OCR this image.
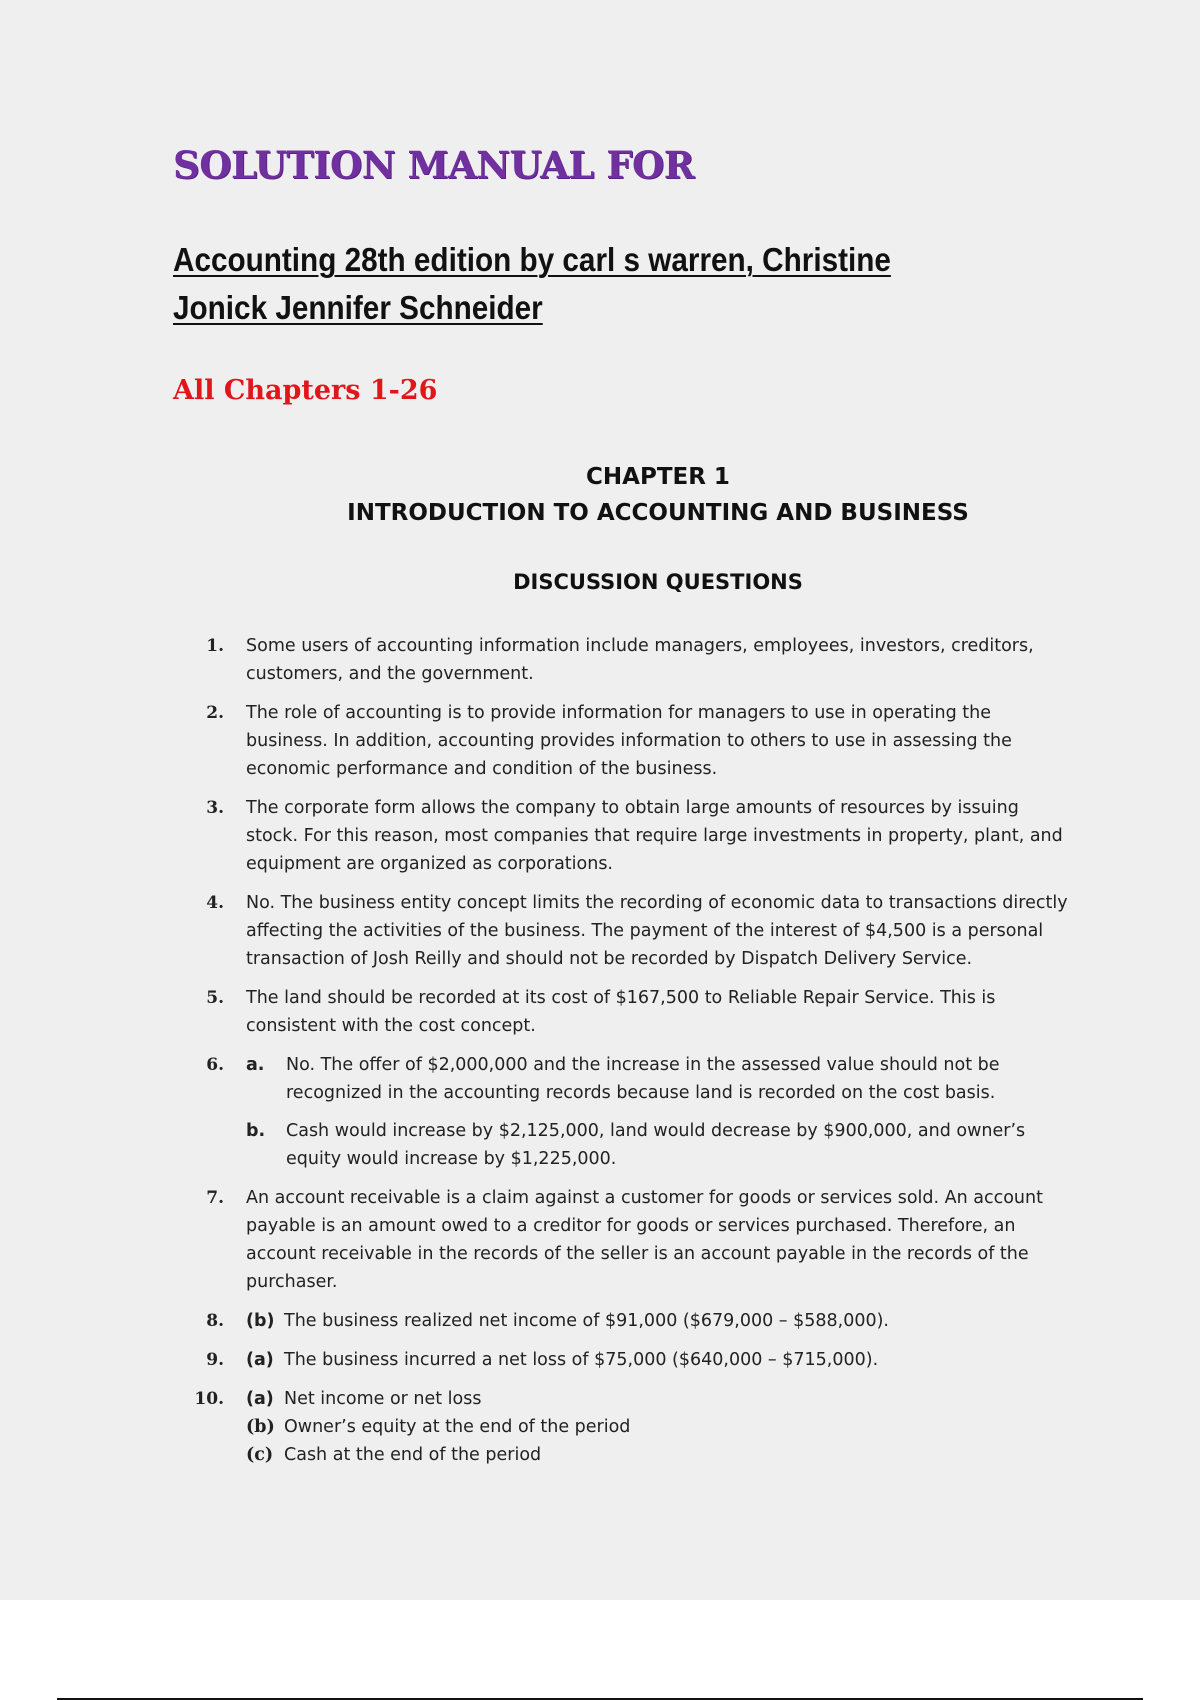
SOLUTION MANUAL FOR
Accounting 28th edition by carl s warren, Christine Jonick Jennifer Schneider
All Chapters 1-26
CHAPTER 1
INTRODUCTION TO ACCOUNTING AND BUSINESS
DISCUSSION QUESTIONS
1.	Some users of accounting information include managers, employees, investors, creditors, customers, and the government.
2.	The role of accounting is to provide information for managers to use in operating the business. In addition, accounting provides information to others to use in assessing the economic performance and condition of the business.
3.	The corporate form allows the company to obtain large amounts of resources by issuing stock. For this reason, most companies that require large investments in property, plant, and equipment are organized as corporations.
4.	No. The business entity concept limits the recording of economic data to transactions directly affecting the activities of the business. The payment of the interest of $4,500 is a personal transaction of Josh Reilly and should not be recorded by Dispatch Delivery Service.
5.	The land should be recorded at its cost of $167,500 to Reliable Repair Service. This is consistent with the cost concept.
6.	a.	No. The offer of $2,000,000 and the increase in the assessed value should not be recognized in the accounting records because land is recorded on the cost basis.
b.	Cash would increase by $2,125,000, land would decrease by $900,000, and owner’s equity would increase by $1,225,000.
7.	An account receivable is a claim against a customer for goods or services sold. An account payable is an amount owed to a creditor for goods or services purchased. Therefore, an account receivable in the records of the seller is an account payable in the records of the purchaser.
8.	(b) The business realized net income of $91,000 ($679,000 – $588,000).
9.	(a) The business incurred a net loss of $75,000 ($640,000 – $715,000).
10.	(a) Net income or net loss
(b) Owner’s equity at the end of the period
(c) Cash at the end of the period
